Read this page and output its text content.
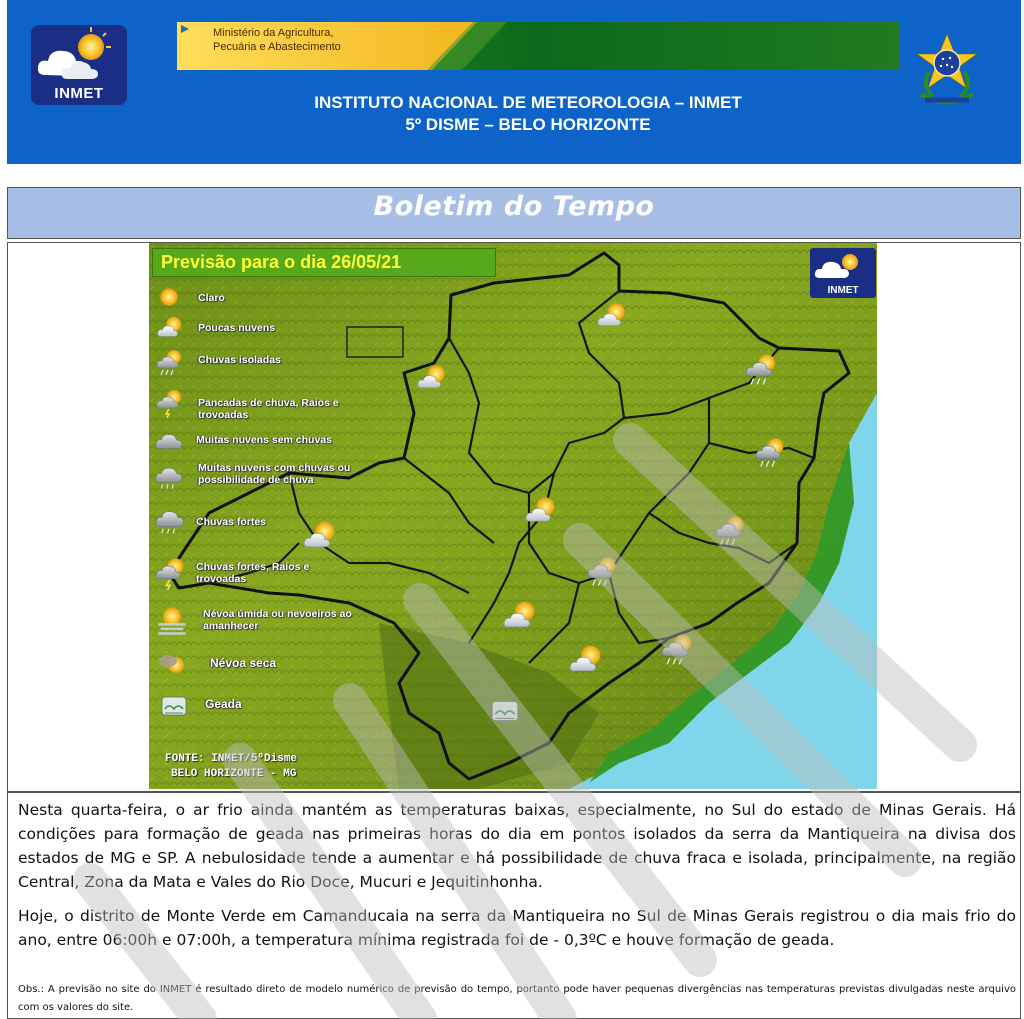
INMET
Ministério da Agricultura,
Pecuária e Abastecimento
INSTITUTO NACIONAL DE METEOROLOGIA – INMET
5º DISME – BELO HORIZONTE
Boletim do Tempo
Previsão para o dia 26/05/21
INMET
Claro
Poucas nuvens
Chuvas isoladas
Pancadas de chuva, Raios e trovoadas
Muitas nuvens sem chuvas
Muitas nuvens com chuvas ou possibilidade de chuva
Chuvas fortes
Chuvas fortes, Raios e trovoadas
Névoa úmida ou nevoeiros ao amanhecer
Névoa seca
Geada
FONTE: INMET/5ºDisme
BELO HORIZONTE - MG

Nesta quarta-feira, o ar frio ainda mantém as temperaturas baixas, especialmente, no Sul do estado de Minas Gerais. Há condições para formação de geada nas primeiras horas do dia em pontos isolados da serra da Mantiqueira na divisa dos estados de MG e SP. A nebulosidade tende a aumentar e há possibilidade de chuva fraca e isolada, principalmente, na região Central, Zona da Mata e Vales do Rio Doce, Mucuri e Jequitinhonha.

Hoje, o distrito de Monte Verde em Camanducaia na serra da Mantiqueira no Sul de Minas Gerais registrou o dia mais frio do ano, entre 06:00h e 07:00h, a temperatura mínima registrada foi de - 0,3ºC e houve formação de geada.

Obs.: A previsão no site do INMET é resultado direto de modelo numérico de previsão do tempo, portanto pode haver pequenas divergências nas temperaturas previstas divulgadas neste arquivo com os valores do site.
